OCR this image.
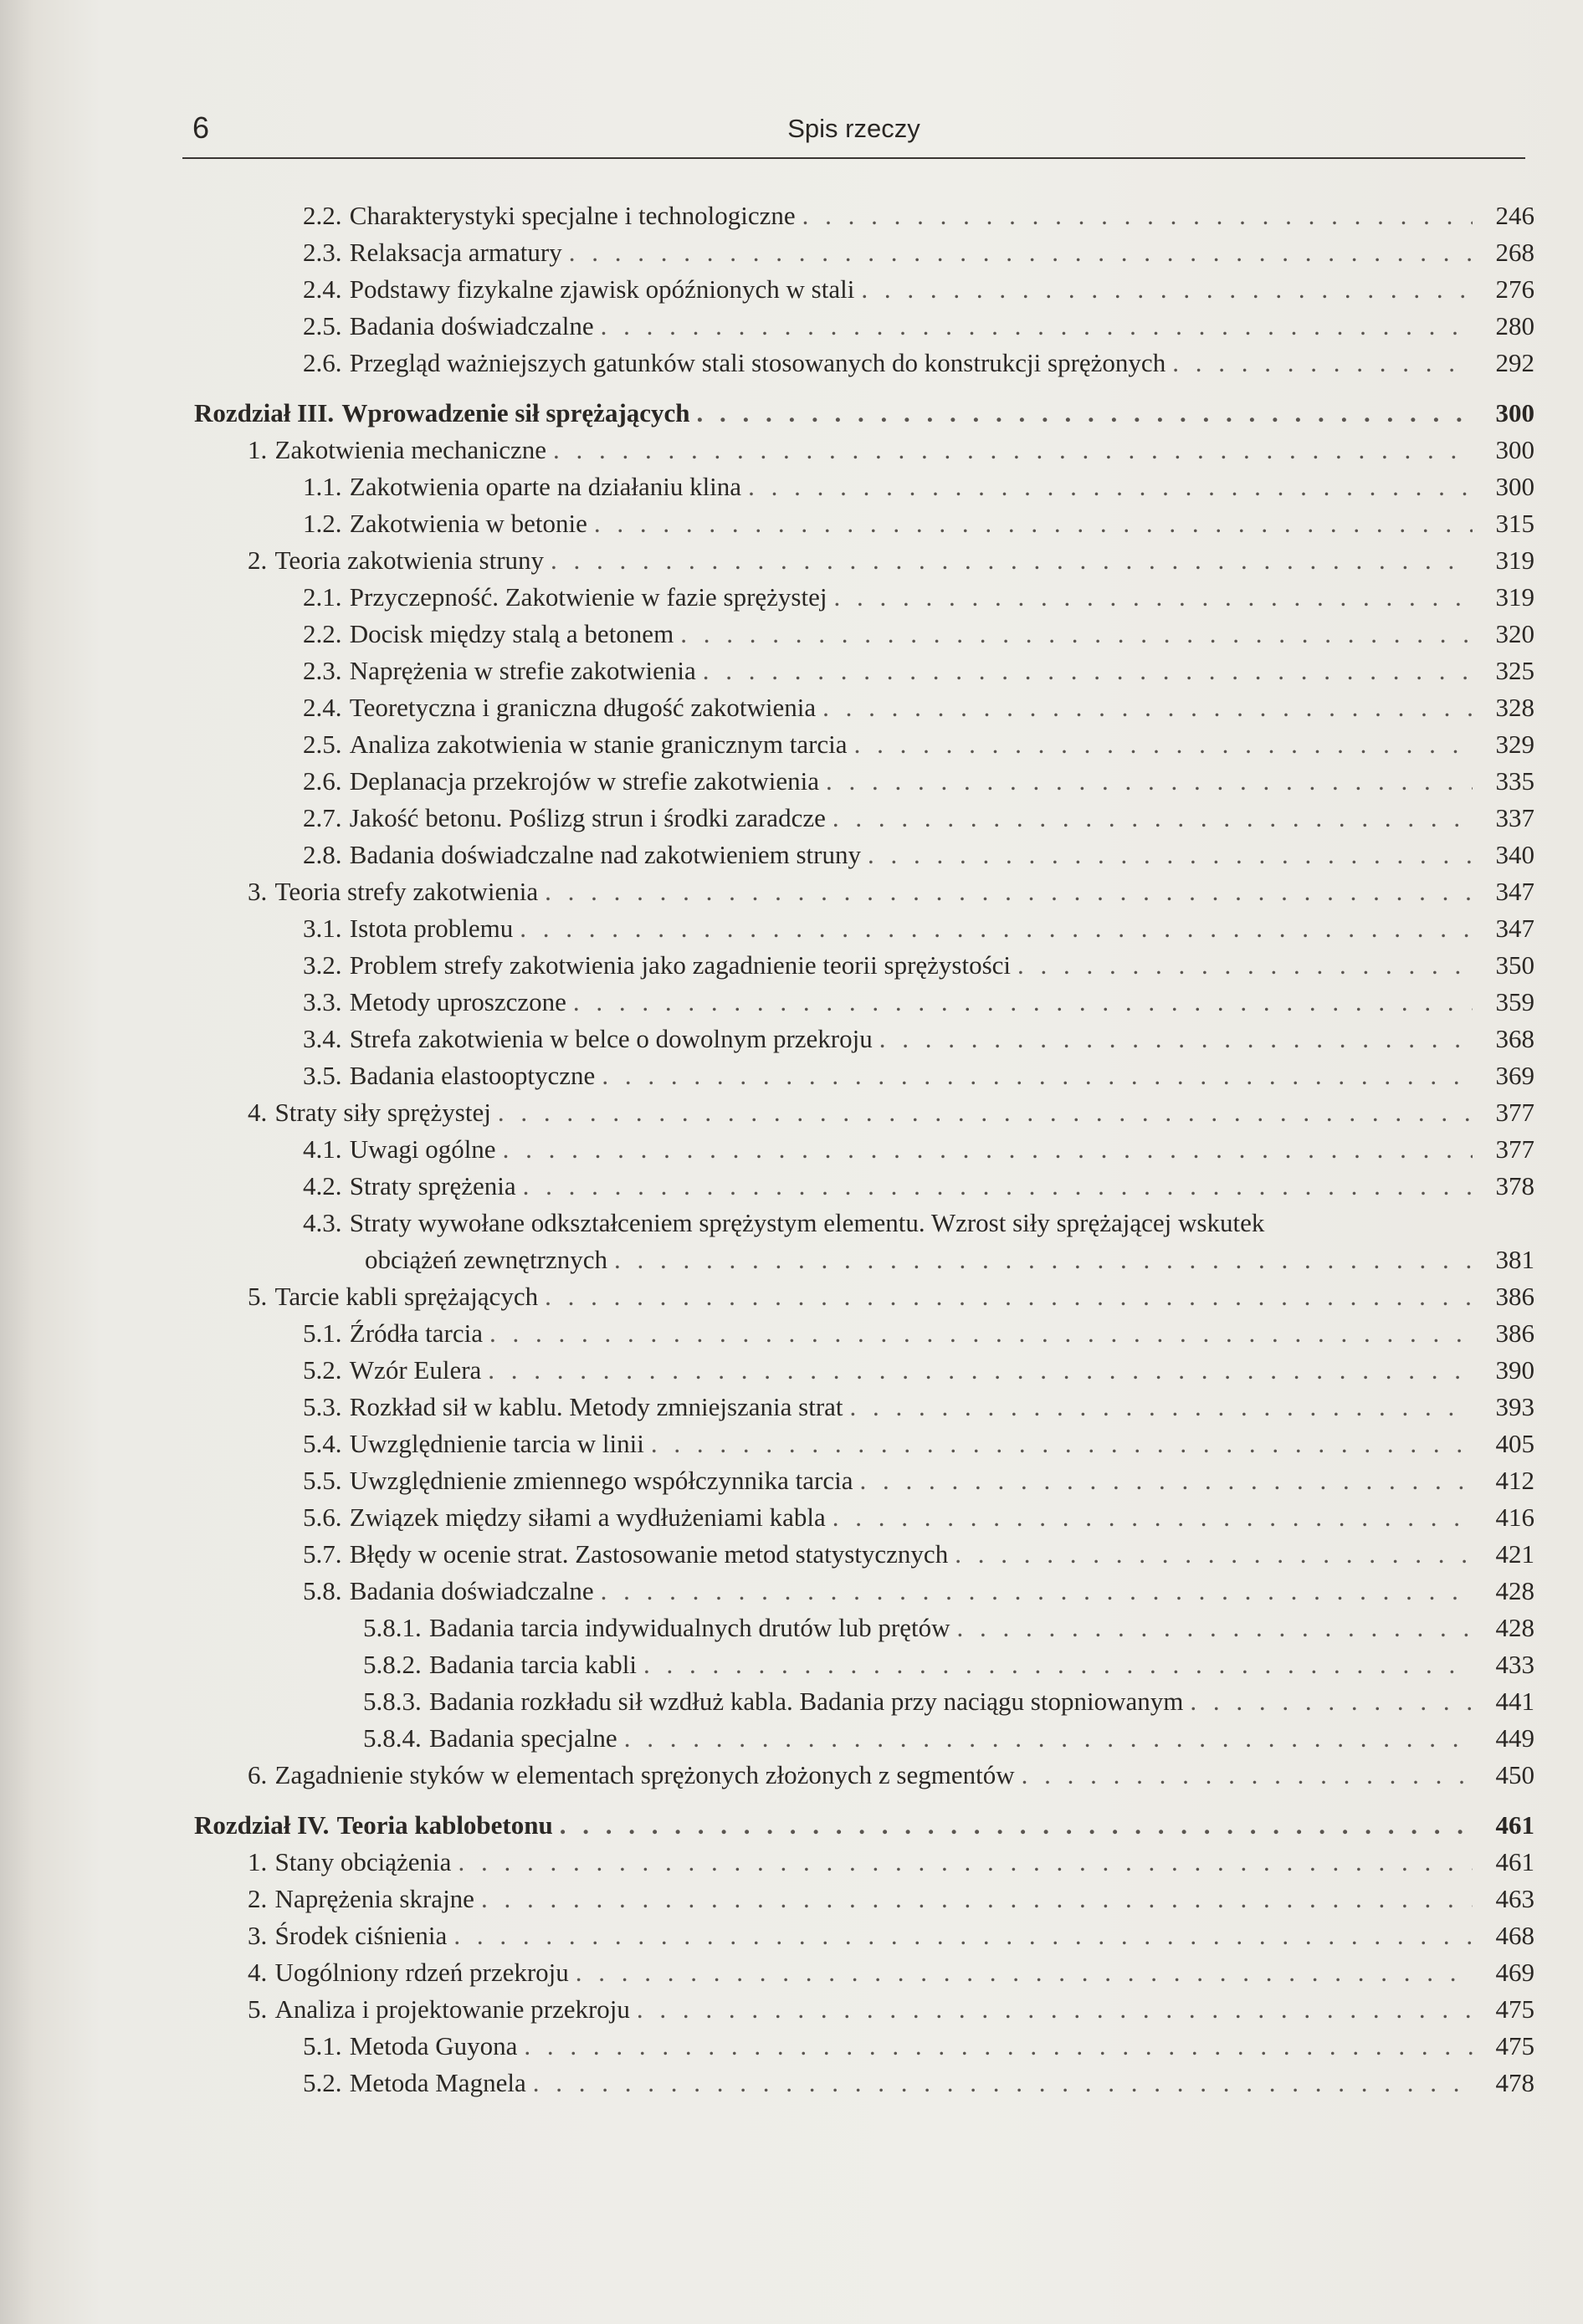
6	Spis rzeczy
2.2. Charakterystyki specjalne i technologiczne . . .	246
2.3. Relaksacja armatury . . .	268
2.4. Podstawy fizykalne zjawisk opóźnionych w stali . . .	276
2.5. Badania doświadczalne . . .	280
2.6. Przegląd ważniejszych gatunków stali stosowanych do konstrukcji sprężonych . . .	292
Rozdział III. Wprowadzenie sił sprężających . . .	300
1. Zakotwienia mechaniczne . . .	300
1.1. Zakotwienia oparte na działaniu klina . . .	300
1.2. Zakotwienia w betonie . . .	315
2. Teoria zakotwienia struny . . .	319
2.1. Przyczepność. Zakotwienie w fazie sprężystej . . .	319
2.2. Docisk między stalą a betonem . . .	320
2.3. Naprężenia w strefie zakotwienia . . .	325
2.4. Teoretyczna i graniczna długość zakotwienia . . .	328
2.5. Analiza zakotwienia w stanie granicznym tarcia . . .	329
2.6. Deplanacja przekrojów w strefie zakotwienia . . .	335
2.7. Jakość betonu. Poślizg strun i środki zaradcze . . .	337
2.8. Badania doświadczalne nad zakotwieniem struny . . .	340
3. Teoria strefy zakotwienia . . .	347
3.1. Istota problemu . . .	347
3.2. Problem strefy zakotwienia jako zagadnienie teorii sprężystości . . .	350
3.3. Metody uproszczone . . .	359
3.4. Strefa zakotwienia w belce o dowolnym przekroju . . .	368
3.5. Badania elastooptyczne . . .	369
4. Straty siły sprężystej . . .	377
4.1. Uwagi ogólne . . .	377
4.2. Straty sprężenia . . .	378
4.3. Straty wywołane odkształceniem sprężystym elementu. Wzrost siły sprężającej wskutek
obciążeń zewnętrznych . . .	381
5. Tarcie kabli sprężających . . .	386
5.1. Źródła tarcia . . .	386
5.2. Wzór Eulera . . .	390
5.3. Rozkład sił w kablu. Metody zmniejszania strat . . .	393
5.4. Uwzględnienie tarcia w linii . . .	405
5.5. Uwzględnienie zmiennego współczynnika tarcia . . .	412
5.6. Związek między siłami a wydłużeniami kabla . . .	416
5.7. Błędy w ocenie strat. Zastosowanie metod statystycznych . . .	421
5.8. Badania doświadczalne . . .	428
5.8.1. Badania tarcia indywidualnych drutów lub prętów . . .	428
5.8.2. Badania tarcia kabli . . .	433
5.8.3. Badania rozkładu sił wzdłuż kabla. Badania przy naciągu stopniowanym . . .	441
5.8.4. Badania specjalne . . .	449
6. Zagadnienie styków w elementach sprężonych złożonych z segmentów . . .	450
Rozdział IV. Teoria kablobetonu . . .	461
1. Stany obciążenia . . .	461
2. Naprężenia skrajne . . .	463
3. Środek ciśnienia . . .	468
4. Uogólniony rdzeń przekroju . . .	469
5. Analiza i projektowanie przekroju . . .	475
5.1. Metoda Guyona . . .	475
5.2. Metoda Magnela . . .	478
